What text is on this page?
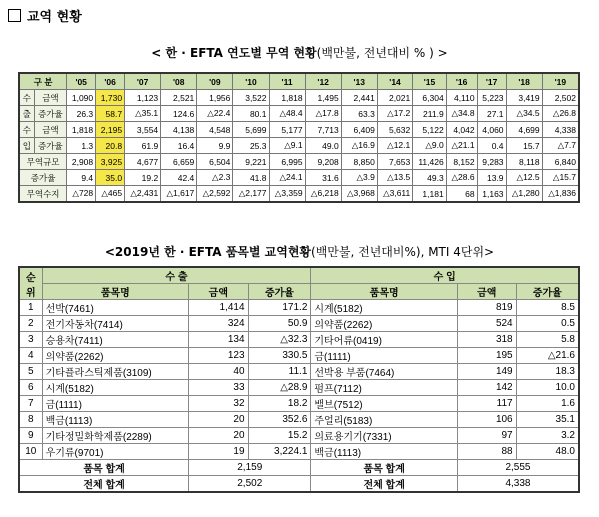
교역 현황
< 한 · EFTA 연도별 무역 현황(백만불, 전년대비 % ) >
구 분		'05	'06	'07	'08	'09	'10	'11	'12	'13	'14	'15	'16	'17	'18	'19
수	금액	1,090	1,730	1,123	2,521	1,956	3,522	1,818	1,495	2,441	2,021	6,304	4,110	5,223	3,419	2,502
출	증가율	26.3	58.7	△35.1	124.6	△22.4	80.1	△48.4	△17.8	63.3	△17.2	211.9	△34.8	27.1	△34.5	△26.8
수	금액	1,818	2,195	3,554	4,138	4,548	5,699	5,177	7,713	6,409	5,632	5,122	4,042	4,060	4,699	4,338
입	증가율	1.3	20.8	61.9	16.4	9.9	25.3	△9.1	49.0	△16.9	△12.1	△9.0	△21.1	0.4	15.7	△7.7
무역규모		2,908	3,925	4,677	6,659	6,504	9,221	6,995	9,208	8,850	7,653	11,426	8,152	9,283	8,118	6,840
증가율		9.4	35.0	19.2	42.4	△2.3	41.8	△24.1	31.6	△3.9	△13.5	49.3	△28.6	13.9	△12.5	△15.7
무역수지		△728	△465	△2,431	△1,617	△2,592	△2,177	△3,359	△6,218	△3,968	△3,611	1,181	68	1,163	△1,280	△1,836
<2019년 한 · EFTA 품목별 교역현황(백만불, 전년대비%), MTI 4단위>
순위	수 출			수 입		
	품목명	금액	증가율	품목명	금액	증가율
1	선박(7461)	1,414	171.2	시계(5182)	819	8.5
2	전기자동차(7414)	324	50.9	의약품(2262)	524	0.5
3	승용차(7411)	134	△32.3	기타어류(0419)	318	5.8
4	의약품(2262)	123	330.5	금(1111)	195	△21.6
5	기타플라스틱제품(3109)	40	11.1	선박용 부품(7464)	149	18.3
6	시계(5182)	33	△28.9	펌프(7112)	142	10.0
7	금(1111)	32	18.2	밸브(7512)	117	1.6
8	백금(1113)	20	352.6	주얼리(5183)	106	35.1
9	기타정밀화학제품(2289)	20	15.2	의료용기기(7331)	97	3.2
10	우기류(9701)	19	3,224.1	백금(1113)	88	48.0
품목 합계		2,159		품목 합계	2,555	
전체 합계		2,502		전체 합계	4,338	
